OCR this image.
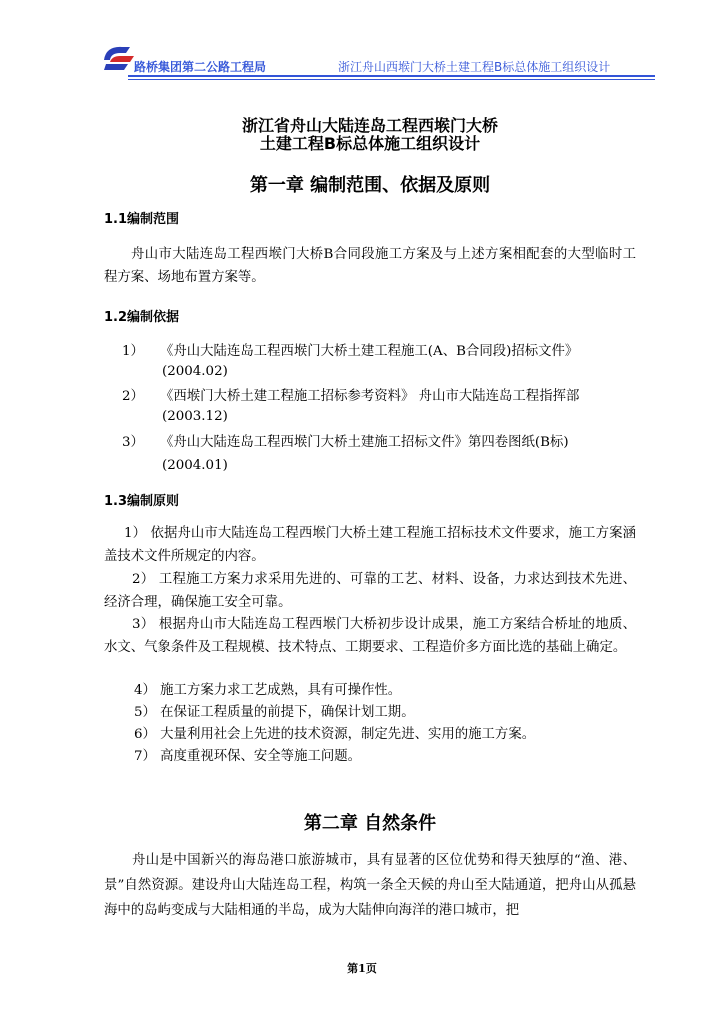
路桥集团第二公路工程局	浙江舟山西堠门大桥土建工程B标总体施工组织设计
浙江省舟山大陆连岛工程西堠门大桥
土建工程B标总体施工组织设计
第一章 编制范围、依据及原则
1.1编制范围
舟山市大陆连岛工程西堠门大桥B合同段施工方案及与上述方案相配套的大型临时工程方案、场地布置方案等。
1.2编制依据
1） 《舟山大陆连岛工程西堠门大桥土建工程施工(A、B合同段)招标文件》
(2004.02)
2） 《西堠门大桥土建工程施工招标参考资料》 舟山市大陆连岛工程指挥部
(2003.12)
3） 《舟山大陆连岛工程西堠门大桥土建施工招标文件》第四卷图纸(B标)
(2004.01)
1.3编制原则
1） 依据舟山市大陆连岛工程西堠门大桥土建工程施工招标技术文件要求，施工方案涵盖技术文件所规定的内容。
2） 工程施工方案力求采用先进的、可靠的工艺、材料、设备，力求达到技术先进、经济合理，确保施工安全可靠。
3） 根据舟山市大陆连岛工程西堠门大桥初步设计成果，施工方案结合桥址的地质、水文、气象条件及工程规模、技术特点、工期要求、工程造价多方面比选的基础上确定。
4） 施工方案力求工艺成熟，具有可操作性。
5） 在保证工程质量的前提下，确保计划工期。
6） 大量利用社会上先进的技术资源，制定先进、实用的施工方案。
7） 高度重视环保、安全等施工问题。
第二章 自然条件
舟山是中国新兴的海岛港口旅游城市，具有显著的区位优势和得天独厚的“渔、港、景”自然资源。建设舟山大陆连岛工程，构筑一条全天候的舟山至大陆通道，把舟山从孤悬海中的岛屿变成与大陆相通的半岛，成为大陆伸向海洋的港口城市，把
第1页
